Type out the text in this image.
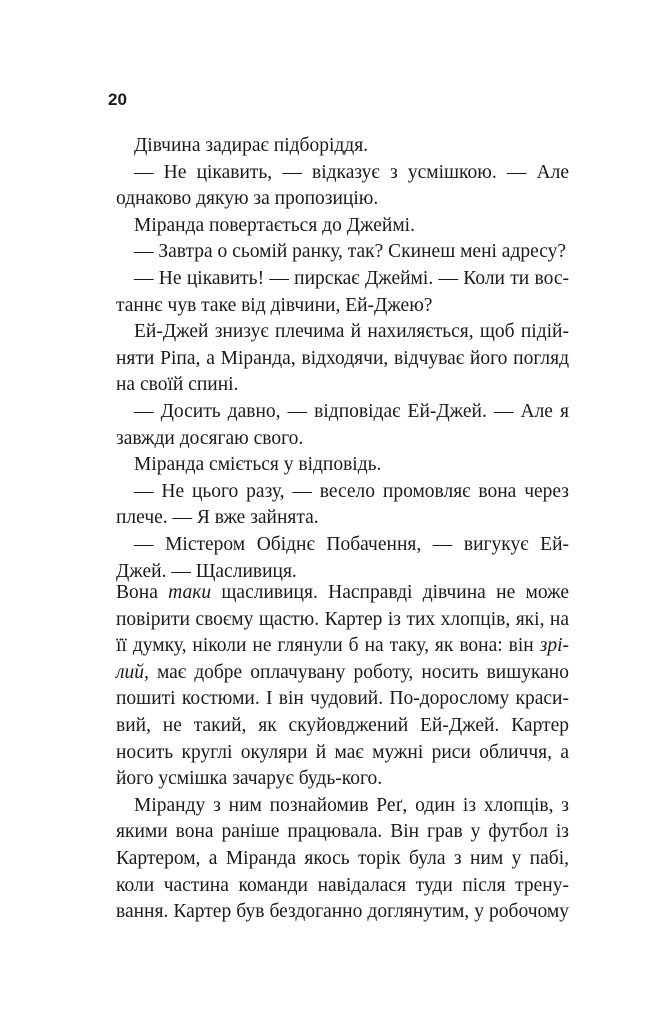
20

Дівчина задирає підборіддя.

— Не цікавить, — відказує з усмішкою. — Але однаково дякую за пропозицію.

Міранда повертається до Джеймі.

— Завтра о сьомій ранку, так? Скинеш мені адресу?

— Не цікавить! — пирскає Джеймі. — Коли ти востаннє чув таке від дівчини, Ей-Джею?

Ей-Джей знизує плечима й нахиляється, щоб підійняти Ріпа, а Міранда, відходячи, відчуває його погляд на своїй спині.

— Досить давно, — відповідає Ей-Джей. — Але я завжди досягаю свого.

Міранда сміється у відповідь.

— Не цього разу, — весело промовляє вона через плече. — Я вже зайнята.

— Містером Обіднє Побачення, — вигукує Ей-Джей. — Щасливиця.

Вона таки щасливиця. Насправді дівчина не може повірити своєму щастю. Картер із тих хлопців, які, на її думку, ніколи не глянули б на таку, як вона: він зрілий, має добре оплачувану роботу, носить вишукано пошиті костюми. І він чудовий. По-дорослому красивий, не такий, як скуйовджений Ей-Джей. Картер носить круглі окуляри й має мужні риси обличчя, а його усмішка зачарує будь-кого.

Міранду з ним познайомив Реґ, один із хлопців, з якими вона раніше працювала. Він грав у футбол із Картером, а Міранда якось торік була з ним у пабі, коли частина команди навідалася туди після тренування. Картер був бездоганно доглянутим, у робочому
